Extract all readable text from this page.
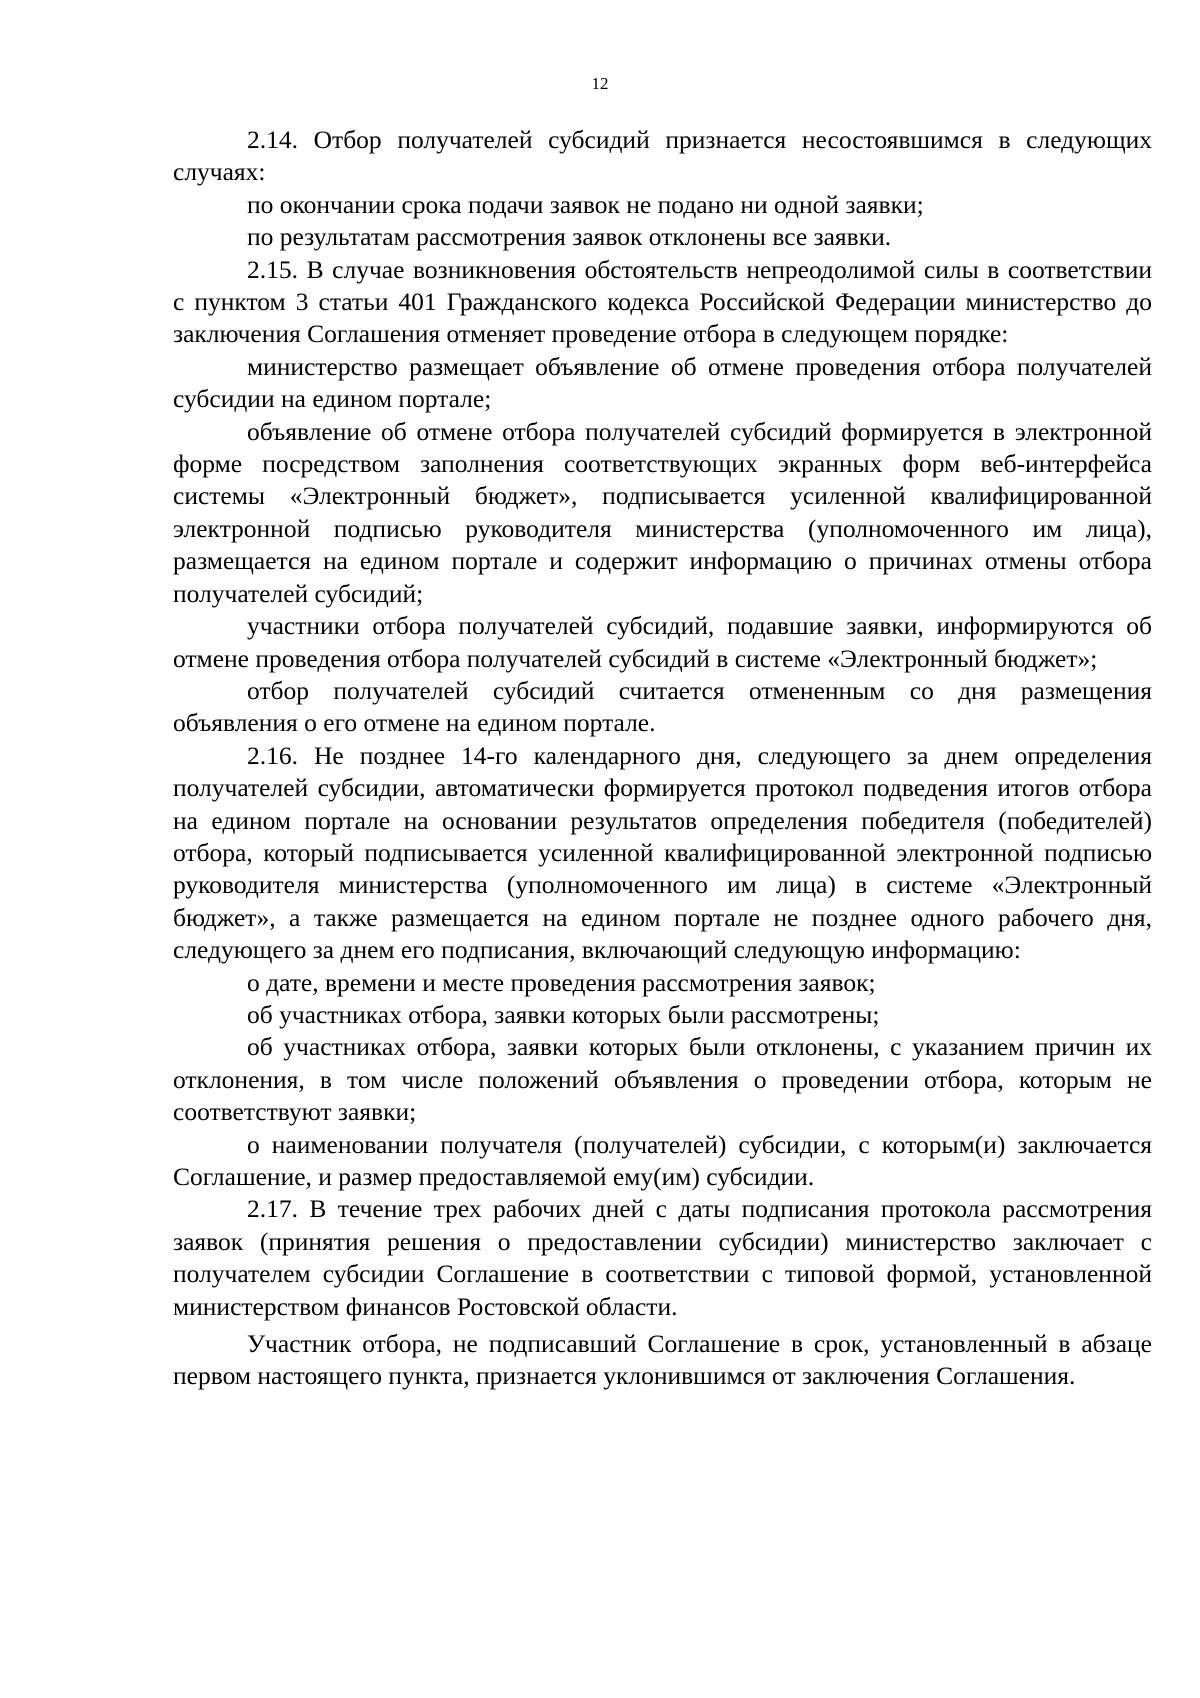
12

2.14. Отбор получателей субсидий признается несостоявшимся в следующих случаях:

по окончании срока подачи заявок не подано ни одной заявки;

по результатам рассмотрения заявок отклонены все заявки.

2.15. В случае возникновения обстоятельств непреодолимой силы в соответствии с пунктом 3 статьи 401 Гражданского кодекса Российской Федерации министерство до заключения Соглашения отменяет проведение отбора в следующем порядке:

министерство размещает объявление об отмене проведения отбора получателей субсидии на едином портале;

объявление об отмене отбора получателей субсидий формируется в электронной форме посредством заполнения соответствующих экранных форм веб-интерфейса системы «Электронный бюджет», подписывается усиленной квалифицированной электронной подписью руководителя министерства (уполномоченного им лица), размещается на едином портале и содержит информацию о причинах отмены отбора получателей субсидий;

участники отбора получателей субсидий, подавшие заявки, информируются об отмене проведения отбора получателей субсидий в системе «Электронный бюджет»;

отбор получателей субсидий считается отмененным со дня размещения объявления о его отмене на едином портале.

2.16. Не позднее 14-го календарного дня, следующего за днем определения получателей субсидии, автоматически формируется протокол подведения итогов отбора на едином портале на основании результатов определения победителя (победителей) отбора, который подписывается усиленной квалифицированной электронной подписью руководителя министерства (уполномоченного им лица) в системе «Электронный бюджет», а также размещается на едином портале не позднее одного рабочего дня, следующего за днем его подписания, включающий следующую информацию:

о дате, времени и месте проведения рассмотрения заявок;

об участниках отбора, заявки которых были рассмотрены;

об участниках отбора, заявки которых были отклонены, с указанием причин их отклонения, в том числе положений объявления о проведении отбора, которым не соответствуют заявки;

о наименовании получателя (получателей) субсидии, с которым(и) заключается Соглашение, и размер предоставляемой ему(им) субсидии.

2.17. В течение трех рабочих дней с даты подписания протокола рассмотрения заявок (принятия решения о предоставлении субсидии) министерство заключает с получателем субсидии Соглашение в соответствии с типовой формой, установленной министерством финансов Ростовской области.

Участник отбора, не подписавший Соглашение в срок, установленный в абзаце первом настоящего пункта, признается уклонившимся от заключения Соглашения.
